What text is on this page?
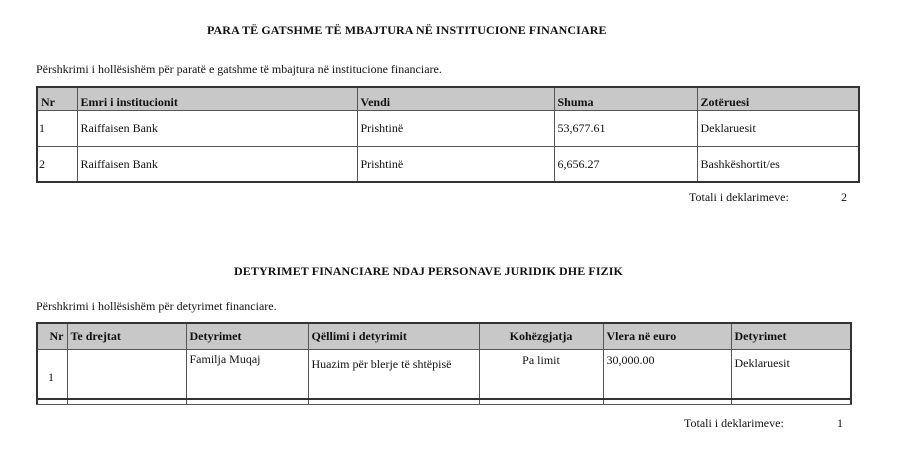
PARA TË GATSHME TË MBAJTURA NË INSTITUCIONE FINANCIARE
Përshkrimi i hollësishëm për paratë e gatshme të mbajtura në institucione financiare.
Nr	Emri i institucionit	Vendi	Shuma	Zotëruesi
1	Raiffaisen Bank	Prishtinë	53,677.61	Deklaruesit
2	Raiffaisen Bank	Prishtinë	6,656.27	Bashkëshortit/es
Totali i deklarimeve:	2
DETYRIMET FINANCIARE NDAJ PERSONAVE JURIDIK DHE FIZIK
Përshkrimi i hollësishëm për detyrimet financiare.
Nr	Te drejtat	Detyrimet	Qëllimi i detyrimit	Kohëzgjatja	Vlera në euro	Detyrimet
1		Familja Muqaj	Huazim për blerje të shtëpisë	Pa limit	30,000.00	Deklaruesit
Totali i deklarimeve:	1
